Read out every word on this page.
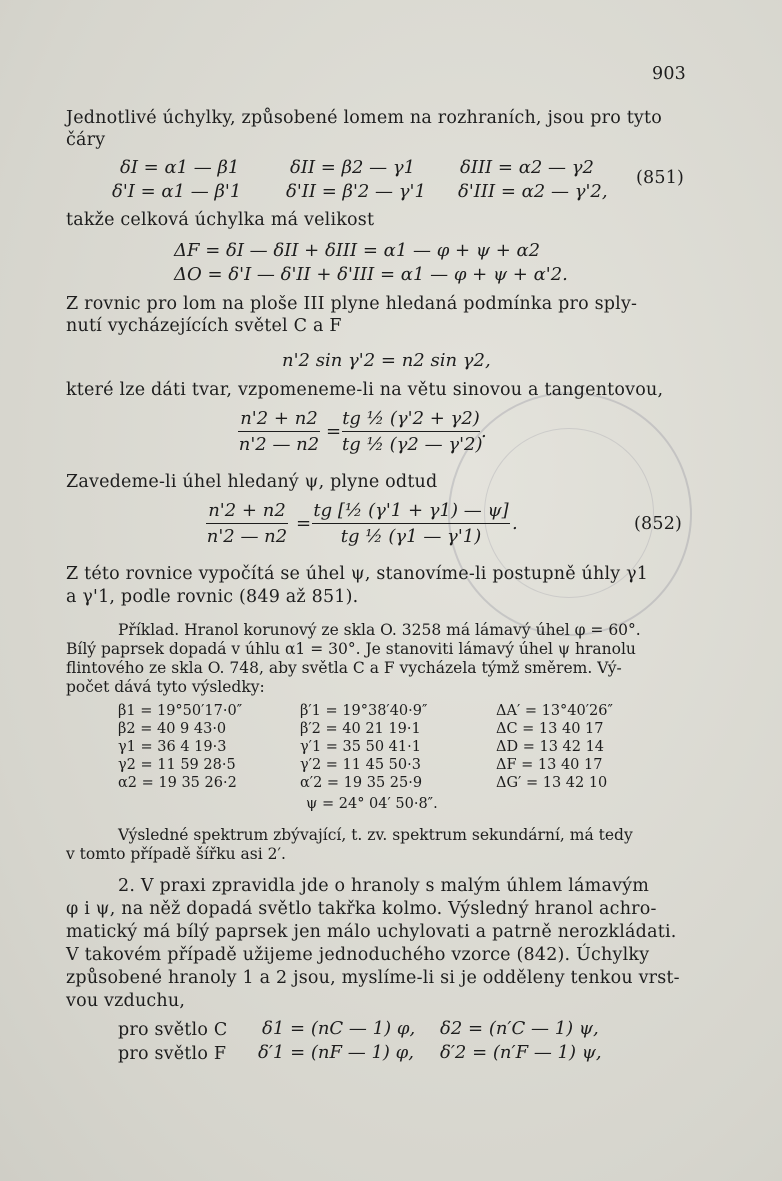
903
Jednotlivé úchylky, způsobené lomem na rozhraních, jsou pro tyto
čáry
δI = α1 — β1	δII = β2 — γ1 δIII = α2 — γ2
δ'I = α1 — β'1 δ'II = β'2 — γ'1 δ'III = α2 — γ'2,
(851)
takže celková úchylka má velikost
ΔF = δI — δII + δIII = α1 — φ + ψ + α2
ΔO = δ'I — δ'II + δ'III = α1 — φ + ψ + α'2.
Z rovnic pro lom na ploše III plyne hledaná podmínka pro sply-
nutí vycházejících světel C a F
n'2 sin γ'2 = n2 sin γ2,
které lze dáti tvar, vzpomeneme-li na větu sinovou a tangentovou,
n'2 + n2
n'2 — n2
=
tg ½ (γ'2 + γ2)
tg ½ (γ2 — γ'2)
.
Zavedeme-li úhel hledaný ψ, plyne odtud
n'2 + n2
n'2 — n2
=
tg [½ (γ'1 + γ1) — ψ]
tg ½ (γ1 — γ'1)
.	(852)
Z této rovnice vypočítá se úhel ψ, stanovíme-li postupně úhly γ1
a γ'1, podle rovnic (849 až 851).
Příklad. Hranol korunový ze skla O. 3258 má lámavý úhel φ = 60°.
Bílý paprsek dopadá v úhlu α1 = 30°. Je stanoviti lámavý úhel ψ hranolu
flintového ze skla O. 748, aby světla C a F vycházela týmž směrem. Vý-
počet dává tyto výsledky:
β1 = 19°50′17·0″
β2 = 40 9 43·0
γ1 = 36 4 19·3
γ2 = 11 59 28·5
α2 = 19 35 26·2
β′1 = 19°38′40·9″
β′2 = 40 21 19·1
γ′1 = 35 50 41·1
γ′2 = 11 45 50·3
α′2 = 19 35 25·9
ΔA′ = 13°40′26″
ΔC = 13 40 17
ΔD = 13 42 14
ΔF = 13 40 17
ΔG′ = 13 42 10
ψ = 24° 04′ 50·8″.
Výsledné spektrum zbývající, t. zv. spektrum sekundární, má tedy
v tomto případě šířku asi 2′.
2. V praxi zpravidla jde o hranoly s malým úhlem lámavým
φ i ψ, na něž dopadá světlo takřka kolmo. Výsledný hranol achro-
matický má bílý paprsek jen málo uchylovati a patrně nerozkládati.
V takovém případě užijeme jednoduchého vzorce (842). Úchylky
způsobené hranoly 1 a 2 jsou, myslíme-li si je odděleny tenkou vrst-
vou vzduchu,
pro světlo C δ1 = (nC — 1) φ, δ2 = (n′C — 1) ψ,
pro světlo F δ′1 = (nF — 1) φ, δ′2 = (n′F — 1) ψ,
